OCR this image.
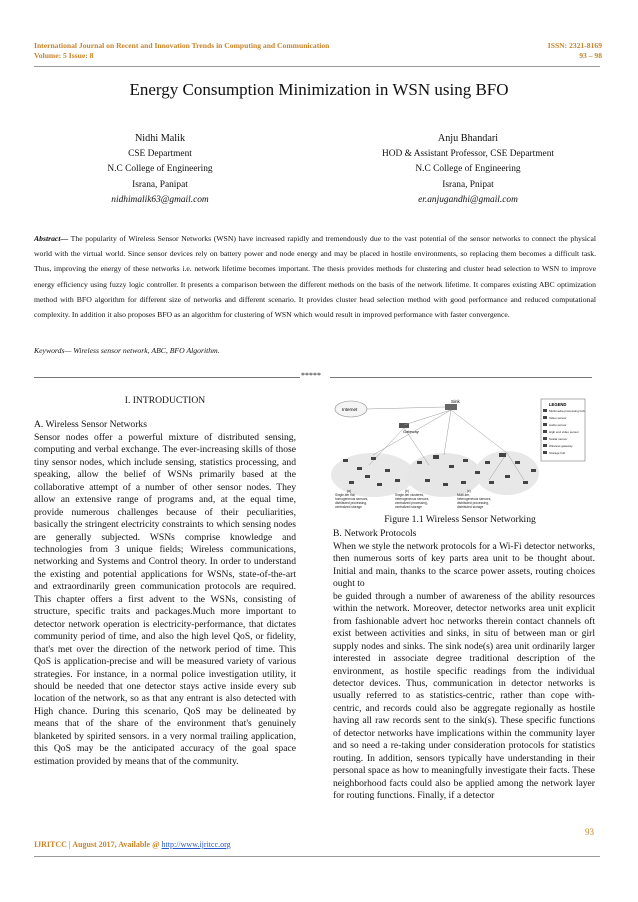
International Journal on Recent and Innovation Trends in Computing and Communication
Volume: 5 Issue: 8
ISSN: 2321-8169
93 – 98
Energy Consumption Minimization in WSN using BFO
Nidhi Malik
CSE Department
N.C College of Engineering
Israna, Panipat
nidhimalik63@gmail.com
Anju Bhandari
HOD & Assistant Professor, CSE Department
N.C College of Engineering
Israna, Pnipat
er.anjugandhi@gmail.com
Abstract— The popularity of Wireless Sensor Networks (WSN) have increased rapidly and tremendously due to the vast potential of the sensor networks to connect the physical world with the virtual world. Since sensor devices rely on battery power and node energy and may be placed in hostile environments, so replacing them becomes a difficult task. Thus, improving the energy of these networks i.e. network lifetime becomes important. The thesis provides methods for clustering and cluster head selection to WSN to improve energy efficiency using fuzzy logic controller. It presents a comparison between the different methods on the basis of the network lifetime. It compares existing ABC optimization method with BFO algorithm for different size of networks and different scenario. It provides cluster head selection method with good performance and reduced computational complexity. In addition it also proposes BFO as an algorithm for clustering of WSN which would result in improved performance with faster convergence.
Keywords— Wireless sensor network, ABC, BFO Algorithm.
*****
I. INTRODUCTION

A. Wireless Sensor Networks

Sensor nodes offer a powerful mixture of distributed sensing, computing and verbal exchange. The ever-increasing skills of those tiny sensor nodes, which include sensing, statistics processing, and speaking, allow the belief of WSNs primarily based at the collaborative attempt of a number of other sensor nodes. They allow an extensive range of programs and, at the equal time, provide numerous challenges because of their peculiarities, basically the stringent electricity constraints to which sensing nodes are generally subjected. WSNs comprise knowledge and technologies from 3 unique fields; Wireless communications, networking and Systems and Control theory. In order to understand the existing and potential applications for WSNs, state-of-the-art and extraordinarily green communication protocols are required. This chapter offers a first advent to the WSNs, consisting of structure, specific traits and packages.Much more important to detector network operation is electricity-performance, that dictates community period of time, and also the high level QoS, or fidelity, that's met over the direction of the network period of time. This QoS is application-precise and will be measured variety of various strategies. For instance, in a normal police investigation utility, it should be needed that one detector stays active inside every sub location of the network, so as that any entrant is also detected with High chance. During this scenario, QoS may be delineated by means that of the share of the environment that's genuinely blanketed by spirited sensors. in a very normal trailing application, this QoS may be the anticipated accuracy of the goal space estimation provided by means that of the community.

Internet
Sink
Gateway
LEGEND
Multimedia processing hub
Video sensor
Audio sensor
High end video sensor
Scalar sensor
Wireless gateway
Storage hub
(a)
Single-tier flat,
homogeneous sensors,
distributed processing,
centralized storage
(b)
Single-tier clustered,
heterogeneous sensors,
centralized processing,
centralized storage
(c)
Multi-tier,
heterogeneous sensors,
distributed processing,
distributed storage
Figure 1.1 Wireless Sensor Networking
B. Network Protocols

When we style the network protocols for a Wi-Fi detector networks, then numerous sorts of key parts area unit to be thought about. Initial and main, thanks to the scarce power assets, routing choices ought to

be guided through a number of awareness of the ability resources within the network. Moreover, detector networks area unit explicit from fashionable advert hoc networks therein contact channels oft exist between activities and sinks, in situ of between man or girl supply nodes and sinks. The sink node(s) area unit ordinarily larger interested in associate degree traditional description of the environment, as hostile specific readings from the individual detector devices. Thus, communication in detector networks is usually referred to as statistics-centric, rather than cope with-centric, and records could also be aggregate regionally as hostile having all raw records sent to the sink(s). These specific functions of detector networks have implications within the community layer and so need a re-taking under consideration protocols for statistics routing. In addition, sensors typically have understanding in their personal space as how to meaningfully investigate their facts. These neighborhood facts could also be applied among the network layer for routing functions. Finally, if a detector

93
IJRITCC | August 2017, Available @ http://www.ijritcc.org
